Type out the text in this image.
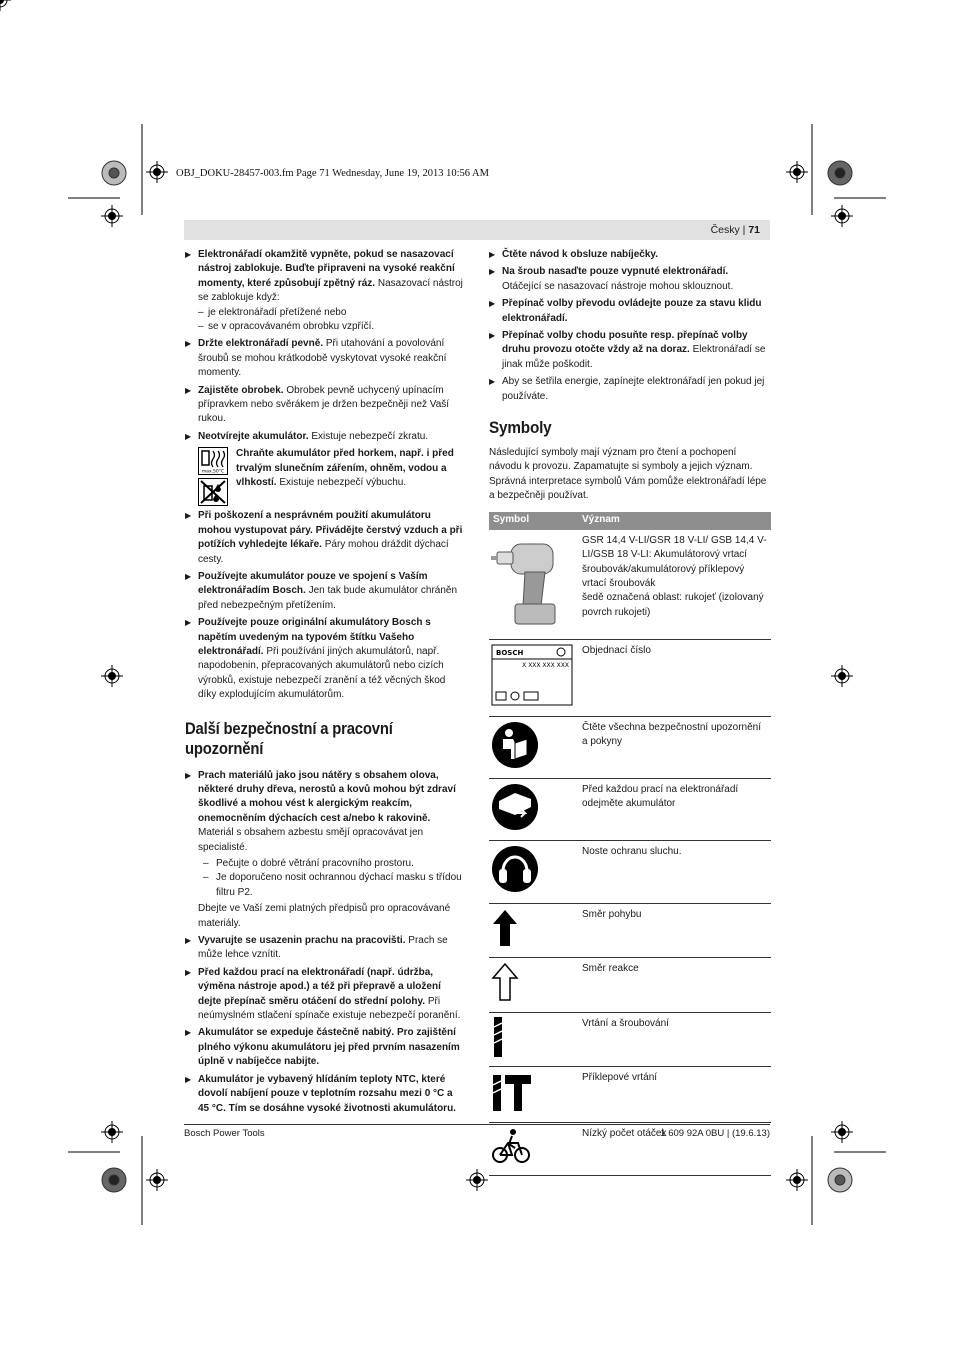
OBJ_DOKU-28457-003.fm Page 71 Wednesday, June 19, 2013 10:56 AM
Česky | 71
▶ Elektronářadí okamžitě vypněte, pokud se nasazovací nástroj zablokuje. Buďte připraveni na vysoké reakční momenty, které způsobují zpětný ráz. Nasazovací nástroj se zablokuje když:
– je elektronářadí přetížené nebo
– se v opracovávaném obrobku vzpříčí.
▶ Držte elektronářadí pevně. Při utahování a povolování šroubů se mohou krátkodobě vyskytovat vysoké reakční momenty.
▶ Zajistěte obrobek. Obrobek pevně uchycený upínacím přípravkem nebo svěrákem je držen bezpečněji než Vaší rukou.
▶ Neotvírejte akumulátor. Existuje nebezpečí zkratu.
max.50°C
Chraňte akumulátor před horkem, např. i před trvalým slunečním zářením, ohněm, vodou a vlhkostí. Existuje nebezpečí výbuchu.
▶ Při poškození a nesprávném použití akumulátoru mohou vystupovat páry. Přivádějte čerstvý vzduch a při potížích vyhledejte lékaře. Páry mohou dráždit dýchací cesty.
▶ Používejte akumulátor pouze ve spojení s Vaším elektronářadím Bosch. Jen tak bude akumulátor chráněn před nebezpečným přetížením.
▶ Používejte pouze originální akumulátory Bosch s napětím uvedeným na typovém štítku Vašeho elektronářadí. Při používání jiných akumulátorů, např. napodobenin, přepracovaných akumulátorů nebo cizích výrobků, existuje nebezpečí zranění a též věcných škod díky explodujícím akumulátorům.
Další bezpečnostní a pracovní upozornění
▶ Prach materiálů jako jsou nátěry s obsahem olova, některé druhy dřeva, nerostů a kovů mohou být zdraví škodlivé a mohou vést k alergickým reakcím, onemocněním dýchacích cest a/nebo k rakovině. Materiál s obsahem azbestu smějí opracovávat jen specialisté.
– Pečujte o dobré větrání pracovního prostoru.
– Je doporučeno nosit ochrannou dýchací masku s třídou filtru P2.
Dbejte ve Vaší zemi platných předpisů pro opracovávané materiály.
▶ Vyvarujte se usazenin prachu na pracovišti. Prach se může lehce vznítit.
▶ Před každou prací na elektronářadí (např. údržba, výměna nástroje apod.) a též při přepravě a uložení dejte přepínač směru otáčení do střední polohy. Při neúmyslném stlačení spínače existuje nebezpečí poranění.
▶ Akumulátor se expeduje částečně nabitý. Pro zajištění plného výkonu akumulátoru jej před prvním nasazením úplně v nabíječce nabijte.
▶ Akumulátor je vybavený hlídáním teploty NTC, které dovolí nabíjení pouze v teplotním rozsahu mezi 0 °C a 45 °C. Tím se dosáhne vysoké životnosti akumulátoru.
▶ Čtěte návod k obsluze nabíječky.
▶ Na šroub nasaďte pouze vypnuté elektronářadí. Otáčející se nasazovací nástroje mohou sklouznout.
▶ Přepínač volby převodu ovládejte pouze za stavu klidu elektronářadí.
▶ Přepínač volby chodu posuňte resp. přepínač volby druhu provozu otočte vždy až na doraz. Elektronářadí se jinak může poškodit.
▶ Aby se šetřila energie, zapínejte elektronářadí jen pokud jej používáte.
Symboly

Následující symboly mají význam pro čtení a pochopení návodu k provozu. Zapamatujte si symboly a jejich význam. Správná interpretace symbolů Vám pomůže elektronářadí lépe a bezpečněji používat.

Symbol	Význam
	GSR 14,4 V-LI/GSR 18 V-LI/ GSB 14,4 V-LI/GSB 18 V-LI: Akumulátorový vrtací šroubovák/akumulátorový příklepový vrtací šroubovák
šedě označená oblast: rukojeť (izolovaný povrch rukojeti)

BOSCH
X XXX XXX XXX	Objednací číslo
	Čtěte všechna bezpečnostní upozornění a pokyny
	Před každou prací na elektronářadí odejměte akumulátor
	Noste ochranu sluchu.
	Směr pohybu
	Směr reakce
	Vrtání a šroubování
	Příklepové vrtání
	Nízký počet otáček
Bosch Power Tools	1 609 92A 0BU | (19.6.13)
